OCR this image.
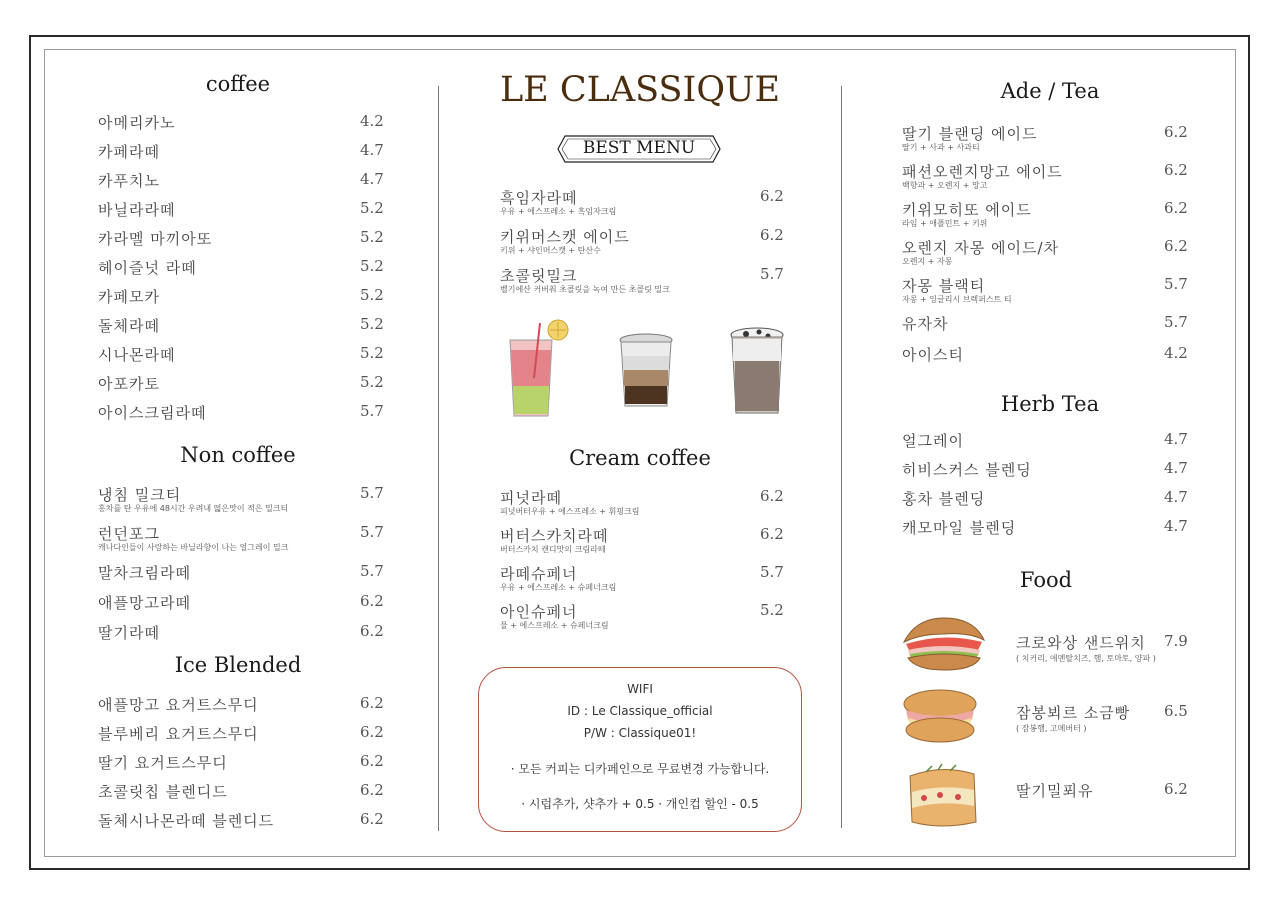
coffee
아메리카노	4.2
카페라떼	4.7
카푸치노	4.7
바닐라라떼	5.2
카라멜 마끼아또	5.2
헤이즐넛 라떼	5.2
카페모카	5.2
돌체라떼	5.2
시나몬라떼	5.2
아포카토	5.2
아이스크림라떼	5.7
Non coffee
냉침 밀크티	5.7
홍차를 탄 우유에 48시간 우려내 떫은맛이 적은 밀크티
런던포그	5.7
캐나다인들이 사랑하는 바닐라향이 나는 얼그레이 밀크
말차크림라떼	5.7
애플망고라떼	6.2
딸기라떼	6.2
Ice Blended
애플망고 요거트스무디	6.2
블루베리 요거트스무디	6.2
딸기 요거트스무디	6.2
초콜릿칩 블렌디드	6.2
돌체시나몬라떼 블렌디드	6.2
LE CLASSIQUE
BEST MENU
흑임자라떼	6.2
우유 + 에스프레소 + 흑임자크림
키위머스캣 에이드	6.2
키위 + 샤인머스캣 + 탄산수
초콜릿밀크	5.7
벨기에산 커버춰 초콜릿을 녹여 만든 초콜릿 밀크
Cream coffee
피넛라떼	6.2
피넛버터우유 + 에스프레소 + 휘핑크림
버터스카치라떼	6.2
버터스카치 캔디맛의 크림라떼
라떼슈페너	5.7
우유 + 에스프레소 + 슈페너크림
아인슈페너	5.2
물 + 에스프레소 + 슈페너크림
WIFI
ID : Le Classique_official
P/W : Classique01!
· 모든 커피는 디카페인으로 무료변경 가능합니다.
· 시럽추가, 샷추가 + 0.5 · 개인컵 할인 - 0.5
Ade / Tea
딸기 블랜딩 에이드	6.2
딸기 + 사과 + 사과티
패션오렌지망고 에이드	6.2
백향과 + 오렌지 + 망고
키위모히또 에이드	6.2
라임 + 애플민트 + 키위
오렌지 자몽 에이드/차	6.2
오렌지 + 자몽
자몽 블랙티	5.7
자몽 + 잉글리시 브렉퍼스트 티
유자차	5.7
아이스티	4.2
Herb Tea
얼그레이	4.7
히비스커스 블렌딩	4.7
홍차 블렌딩	4.7
캐모마일 블렌딩	4.7
Food
크로와상 샌드위치 7.9
( 치커리, 애멘탈치즈, 햄, 토마토, 양파 )
잠봉뵈르 소금빵 6.5
( 잠봉햄, 고메버터 )
딸기밀푀유	6.2
